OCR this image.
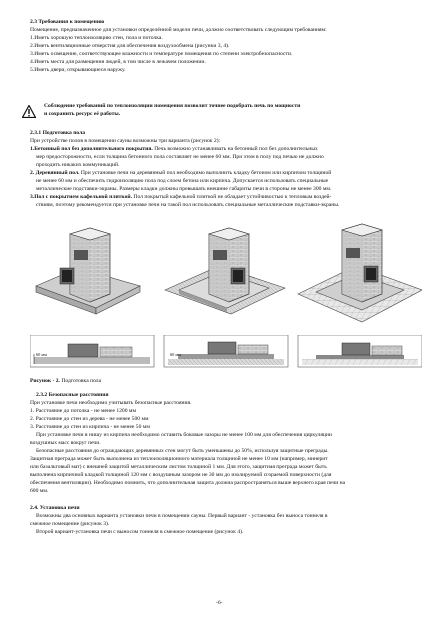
2.3 Требования к помещению
Помещение, предназначенное для установки определённой модели печи, должно соответствовать следующим требованиям:
1.Иметь хорошую теплоизоляцию стен, пола и потолка.
2.Иметь вентиляционные отверстия для обеспечения воздухообмена (рисунки 3, 4).
3.Иметь освещение, соответствующее влажности и температуре помещения по степени электробезопасности.
4.Иметь места для размещения людей, в том числе в лежачем положении.
5.Иметь двери, открывающиеся наружу.
Соблюдение требований по теплоизоляции помещения позволит точнее подобрать печь по мощности
и сохранить ресурс её работы.
2.3.1 Подготовка пола
При устройстве полов в помещении сауны возможны три варианта (рисунок 2):
1.Бетонный пол без дополнительного покрытия. Печь возможно устанавливать на бетонный пол без дополнительных
мер предосторожности, если толщина бетонного пола составляет не менее 60 мм. При этом в полу под печью не должно
проходить никаких коммуникаций.
2. Деревянный пол. При установке печи на деревянный пол необходимо выполнить кладку бетоном или кирпичом толщиной
не менее 60 мм и обеспечить гидроизоляцию пола под слоем бетона или кирпича. Допускается использовать специальные
металлические подставки-экраны. Размеры кладки должны превышать внешние габариты печи в стороны не менее 300 мм.
3.Пол с покрытием кафельной плиткой. Пол покрытый кафельной плиткой не обладает устойчивостью к тепловым воздей-
ствиям, поэтому рекомендуется при установке печи на такой пол использовать специальные металлические подставки-экраны.
60 мм	60 мм
Рисунок - 2. Подготовка пола
2.3.2 Безопасные расстояния
При установке печи необходимо учитывать безопасные расстояния.
1. Расстояние до потолка - не менее 1200 мм
2. Расстояние до стен из дерева - не менее 500 мм
3. Расстояние до стен из кирпича - не менее 50 мм
При установке печи в нишу из кирпича необходимо оставить боковые зазоры не менее 100 мм для обеспечения циркуляции
воздушных масс вокруг печи.
Безопасные расстояния до ограждающих деревянных стен могут быть уменьшены до 50%, используя защитные преграды.
Защитная преграда может быть выполнена из теплоизоляционного материала толщиной не менее 10 мм (например, минерит
или базальтовый мат) с внешней защитой металлическим листом толщиной 1 мм. Для этого, защитная преграда может быть
выполнена кирпичной кладкой толщиной 120 мм с воздушным зазором не 30 мм до изолируемой сгораемой поверхности (для
обеспечения вентиляции). Необходимо помнить, что дополнительная защита должна распространяться выше верхнего края печи на
600 мм.
2.4. Установка печи
Возможны два основных варианта установки печи в помещении сауны. Первый вариант - установка без выноса тоннеля в
смежное помещение (рисунок 3).
Второй вариант-установка печи с выносом тоннеля в смежное помещение (рисунок 4).
-6-
